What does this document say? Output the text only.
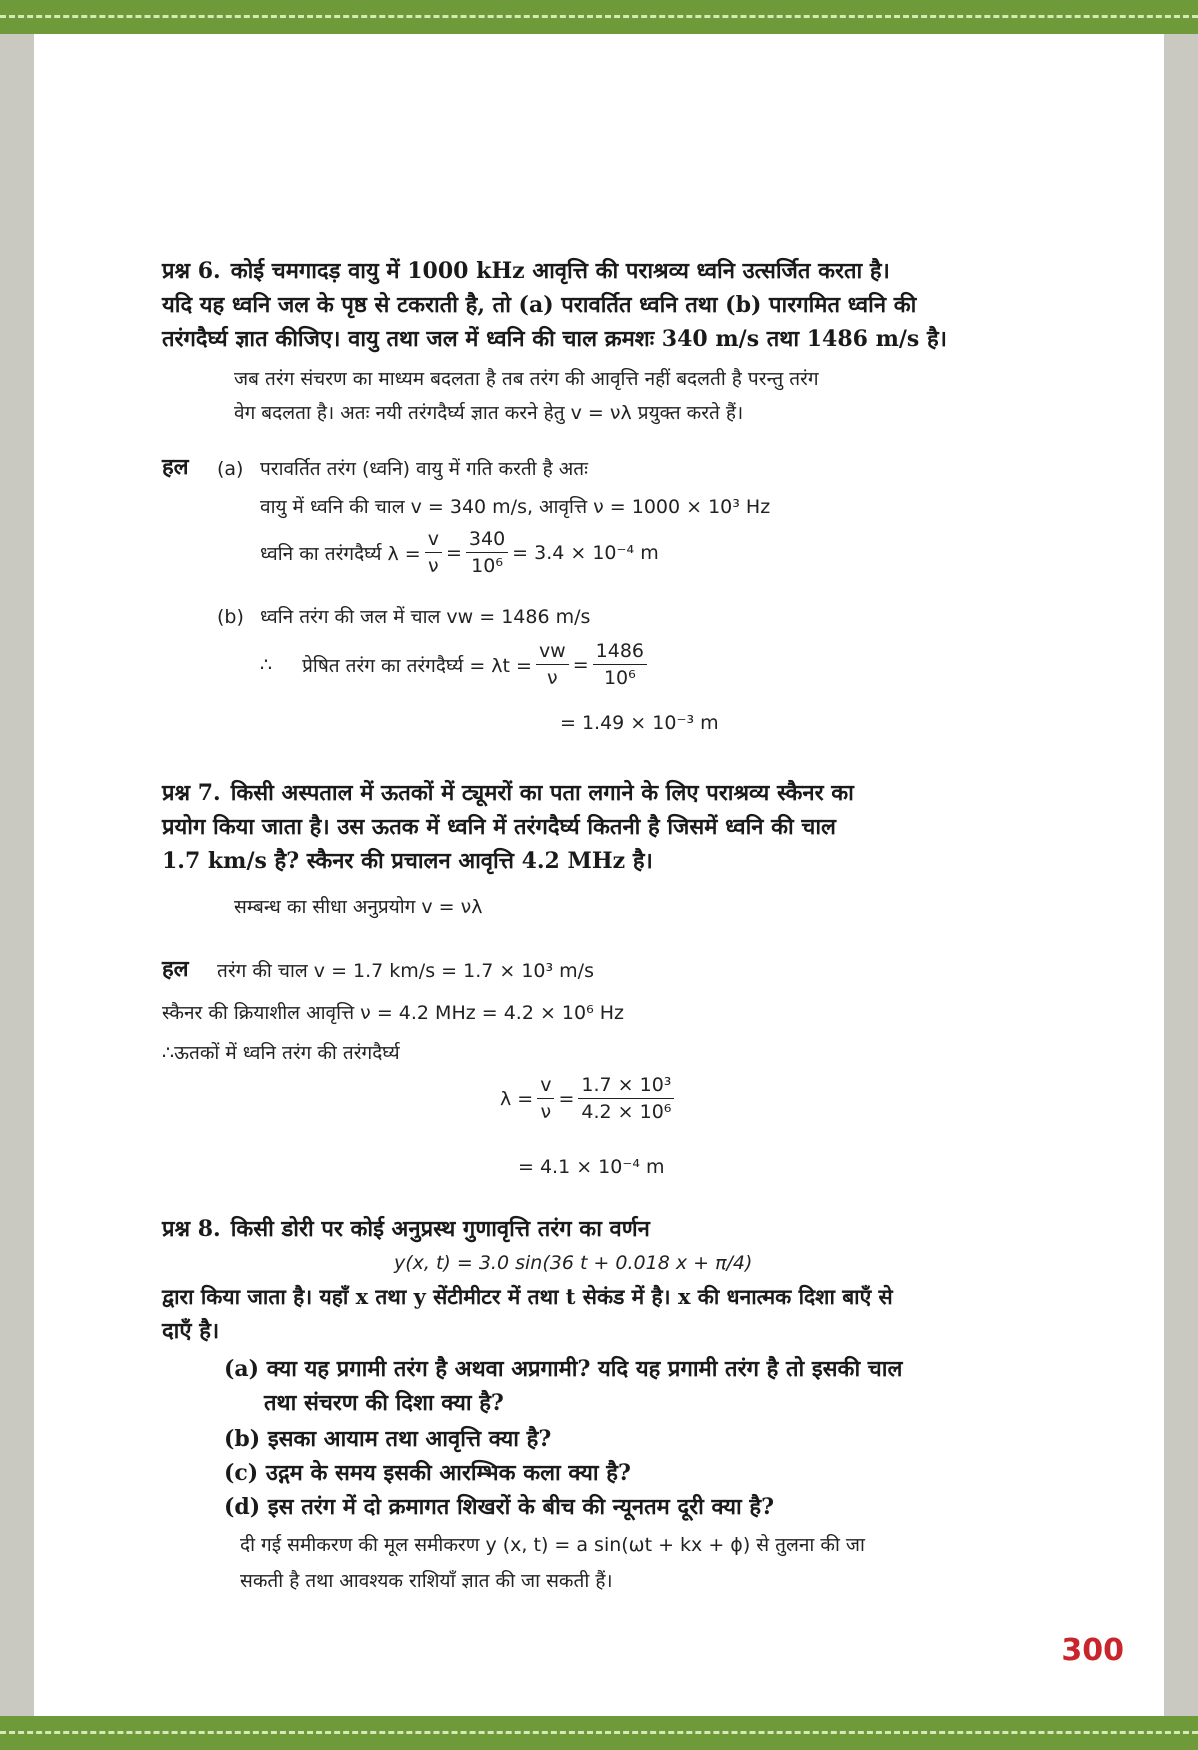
प्रश्न 6. कोई चमगादड़ वायु में 1000 kHz आवृत्ति की पराश्रव्य ध्वनि उत्सर्जित करता है।
यदि यह ध्वनि जल के पृष्ठ से टकराती है, तो (a) परावर्तित ध्वनि तथा (b) पारगमित ध्वनि की
तरंगदैर्घ्य ज्ञात कीजिए। वायु तथा जल में ध्वनि की चाल क्रमशः 340 m/s तथा 1486 m/s है।
जब तरंग संचरण का माध्यम बदलता है तब तरंग की आवृत्ति नहीं बदलती है परन्तु तरंग
वेग बदलता है। अतः नयी तरंगदैर्घ्य ज्ञात करने हेतु v = νλ प्रयुक्त करते हैं।
हल (a) परावर्तित तरंग (ध्वनि) वायु में गति करती है अतः
वायु में ध्वनि की चाल v = 340 m/s, आवृत्ति ν = 1000 × 10³ Hz
ध्वनि का तरंगदैर्घ्य $\lambda = \frac{v}{\nu} = \frac{340}{\text{10⁶}} = 3.4 \times 10^{-4}$ m
(b) ध्वनि तरंग की जल में चाल vw = 1486 m/s
∴ प्रेषित तरंग का तरंगदैर्घ्य = $\lambda t = \frac{vw}{\nu} = \frac{1486}{\text{10⁶}}$
= 1.49 × 10⁻³ m
प्रश्न 7. किसी अस्पताल में ऊतकों में ट्यूमरों का पता लगाने के लिए पराश्रव्य स्कैनर का
प्रयोग किया जाता है। उस ऊतक में ध्वनि में तरंगदैर्घ्य कितनी है जिसमें ध्वनि की चाल
1.7 km/s है? स्कैनर की प्रचालन आवृत्ति 4.2 MHz है।
सम्बन्ध का सीधा अनुप्रयोग v = νλ
हल तरंग की चाल v = 1.7 km/s = 1.7 × 10³ m/s
स्कैनर की क्रियाशील आवृत्ति ν = 4.2 MHz = 4.2 × 10⁶ Hz
∴ऊतकों में ध्वनि तरंग की तरंगदैर्घ्य
$\lambda = \frac{v}{\nu} = \frac{\text{1.7 × 10³}}{\text{4.2 × 10⁶}}$
= 4.1 × 10⁻⁴ m
प्रश्न 8. किसी डोरी पर कोई अनुप्रस्थ गुणावृत्ति तरंग का वर्णन
y(x, t) = 3.0 sin(36 t + 0.018 x + π/4)
द्वारा किया जाता है। यहाँ x तथा y सेंटीमीटर में तथा t सेकंड में है। x की धनात्मक दिशा बाएँ से
दाएँ है।
(a) क्या यह प्रगामी तरंग है अथवा अप्रगामी? यदि यह प्रगामी तरंग है तो इसकी चाल
तथा संचरण की दिशा क्या है?
(b) इसका आयाम तथा आवृत्ति क्या है?
(c) उद्गम के समय इसकी आरम्भिक कला क्या है?
(d) इस तरंग में दो क्रमागत शिखरों के बीच की न्यूनतम दूरी क्या है?
दी गई समीकरण की मूल समीकरण y (x, t) = a sin(ωt + kx + ϕ) से तुलना की जा
सकती है तथा आवश्यक राशियाँ ज्ञात की जा सकती हैं।
300
